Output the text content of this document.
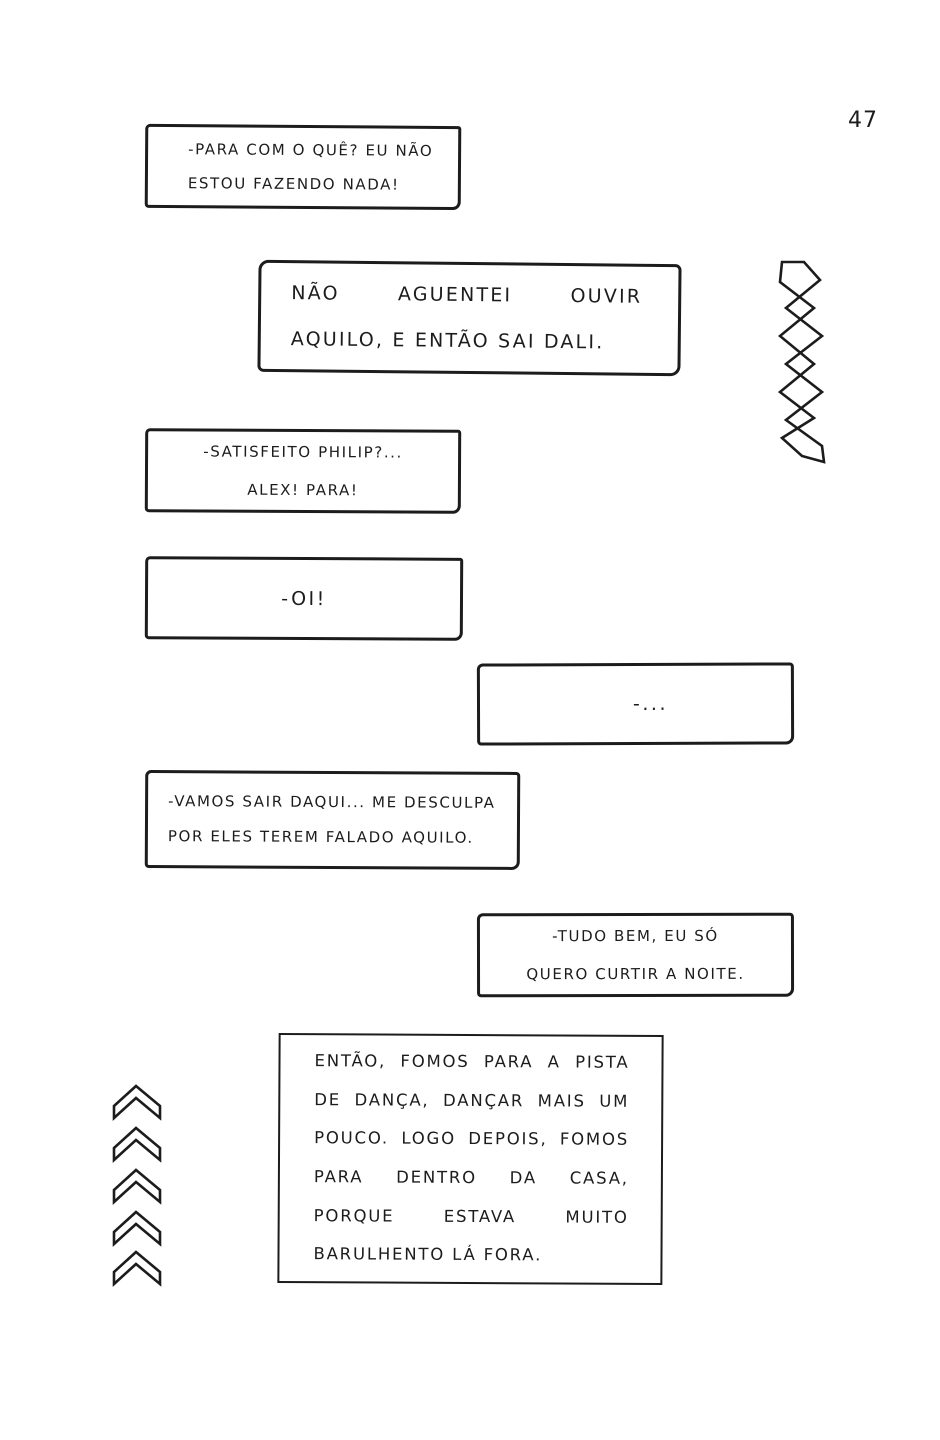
47
-PARA COM O QUÊ? EU NÃO
ESTOU FAZENDO NADA!
NÃO	AGUENTEI	OUVIR
AQUILO, E ENTÃO SAI DALI.
-SATISFEITO PHILIP?...
ALEX! PARA!
-OI!
-...
-VAMOS SAIR DAQUI... ME DESCULPA
POR ELES TEREM FALADO AQUILO.
-TUDO BEM, EU SÓ
QUERO CURTIR A NOITE.
ENTÃO, FOMOS PARA A PISTA
DE DANÇA, DANÇAR MAIS UM
POUCO. LOGO DEPOIS, FOMOS
PARA DENTRO DA CASA,
PORQUE	ESTAVA	MUITO
BARULHENTO LÁ FORA.
